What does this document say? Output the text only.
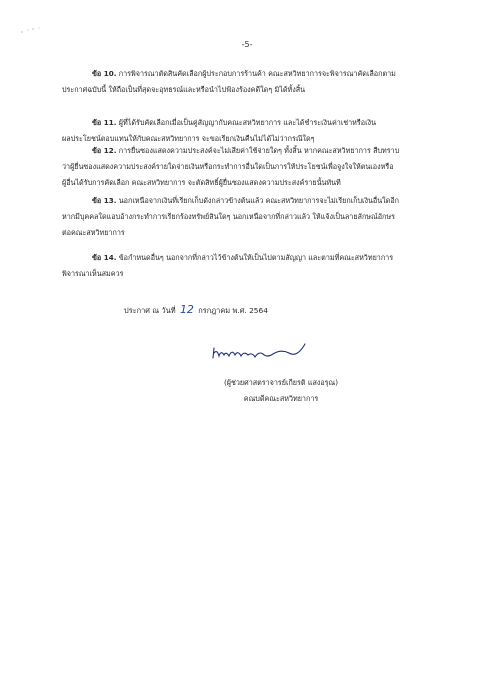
-5-
ข้อ 10. การพิจารณาตัดสินคัดเลือกผู้ประกอบการร้านค้า คณะสหวิทยาการจะพิจารณาคัดเลือกตาม
ประกาศฉบับนี้ ให้ถือเป็นที่สุดจะอุทธรณ์และหรือนำไปฟ้องร้องคดีใดๆ มิได้ทั้งสิ้น
ข้อ 11. ผู้ที่ได้รับคัดเลือกเมื่อเป็นคู่สัญญากับคณะสหวิทยาการ และได้ชำระเงินค่าเช่าหรือเงิน
ผลประโยชน์ตอบแทนให้กับคณะสหวิทยาการ จะขอเรียกเงินคืนไม่ได้ไม่ว่ากรณีใดๆ
ข้อ 12. การยื่นซองแสดงความประสงค์จะไม่เสียค่าใช้จ่ายใดๆ ทั้งสิ้น หากคณะสหวิทยาการ สืบทราบ
ว่าผู้ยื่นซองแสดงความประสงค์รายใดจ่ายเงินหรือกระทำการอื่นใดเป็นการให้ประโยชน์เพื่อจูงใจให้ตนเองหรือ
ผู้อื่นได้รับการคัดเลือก คณะสหวิทยาการ จะตัดสิทธิ์ผู้ยื่นซองแสดงความประสงค์รายนั้นทันที
ข้อ 13. นอกเหนือจากเงินที่เรียกเก็บดังกล่าวข้างต้นแล้ว คณะสหวิทยาการจะไม่เรียกเก็บเงินอื่นใดอีก
หากมีบุคคลใดแอบอ้างกระทำการเรียกร้องทรัพย์สินใดๆ นอกเหนือจากที่กล่าวแล้ว ให้แจ้งเป็นลายลักษณ์อักษร
ต่อคณะสหวิทยาการ
ข้อ 14. ข้อกำหนดอื่นๆ นอกจากที่กล่าวไว้ข้างต้นให้เป็นไปตามสัญญา และตามที่คณะสหวิทยาการ
พิจารณาเห็นสมควร
ประกาศ ณ วันที่ 12 กรกฎาคม พ.ศ. 2564
(ผู้ช่วยศาสตราจารย์เกียรติ แสงอรุณ)
คณบดีคณะสหวิทยาการ
